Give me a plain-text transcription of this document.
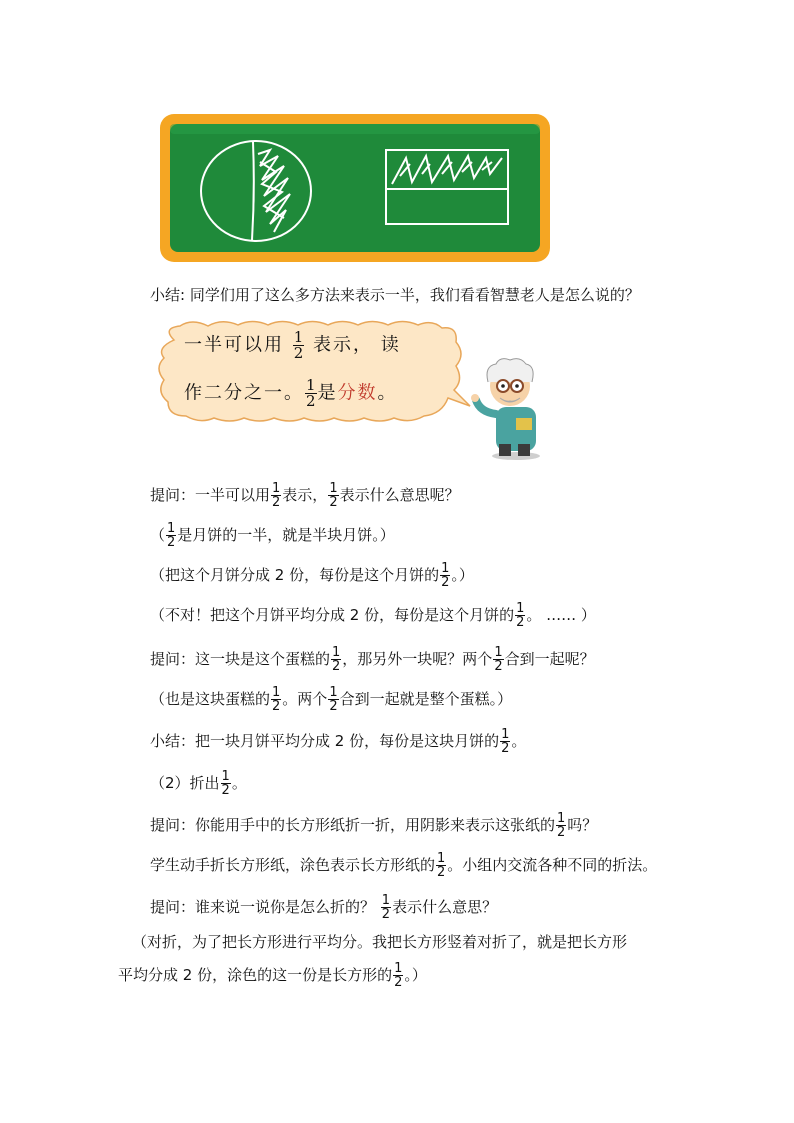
小结: 同学们用了这么多方法来表示一半，我们看看智慧老人是怎么说的？
一半可以用 $\frac{1}{2}$ 表示， 读
作二分之一。 $\frac{1}{2}$ 是分数。
提问：一半可以用 $\frac{1}{2}$ 表示， $\frac{1}{2}$ 表示什么意思呢？
（ $\frac{1}{2}$ 是月饼的一半，就是半块月饼。）
（把这个月饼分成 2 份，每份是这个月饼的 $\frac{1}{2}$ 。）
（不对！把这个月饼平均分成 2 份，每份是这个月饼的 $\frac{1}{2}$ 。 …… ）
提问：这一块是这个蛋糕的 $\frac{1}{2}$ ，那另外一块呢？两个 $\frac{1}{2}$ 合到一起呢？
（也是这块蛋糕的 $\frac{1}{2}$ 。两个 $\frac{1}{2}$ 合到一起就是整个蛋糕。）
小结：把一块月饼平均分成 2 份，每份是这块月饼的 $\frac{1}{2}$ 。
（2）折出 $\frac{1}{2}$ 。
提问：你能用手中的长方形纸折一折，用阴影来表示这张纸的 $\frac{1}{2}$ 吗？
学生动手折长方形纸，涂色表示长方形纸的 $\frac{1}{2}$ 。小组内交流各种不同的折法。
提问：谁来说一说你是怎么折的？ $\frac{1}{2}$ 表示什么意思？
（对折，为了把长方形进行平均分。我把长方形竖着对折了，就是把长方形
平均分成 2 份，涂色的这一份是长方形的 $\frac{1}{2}$ 。）
